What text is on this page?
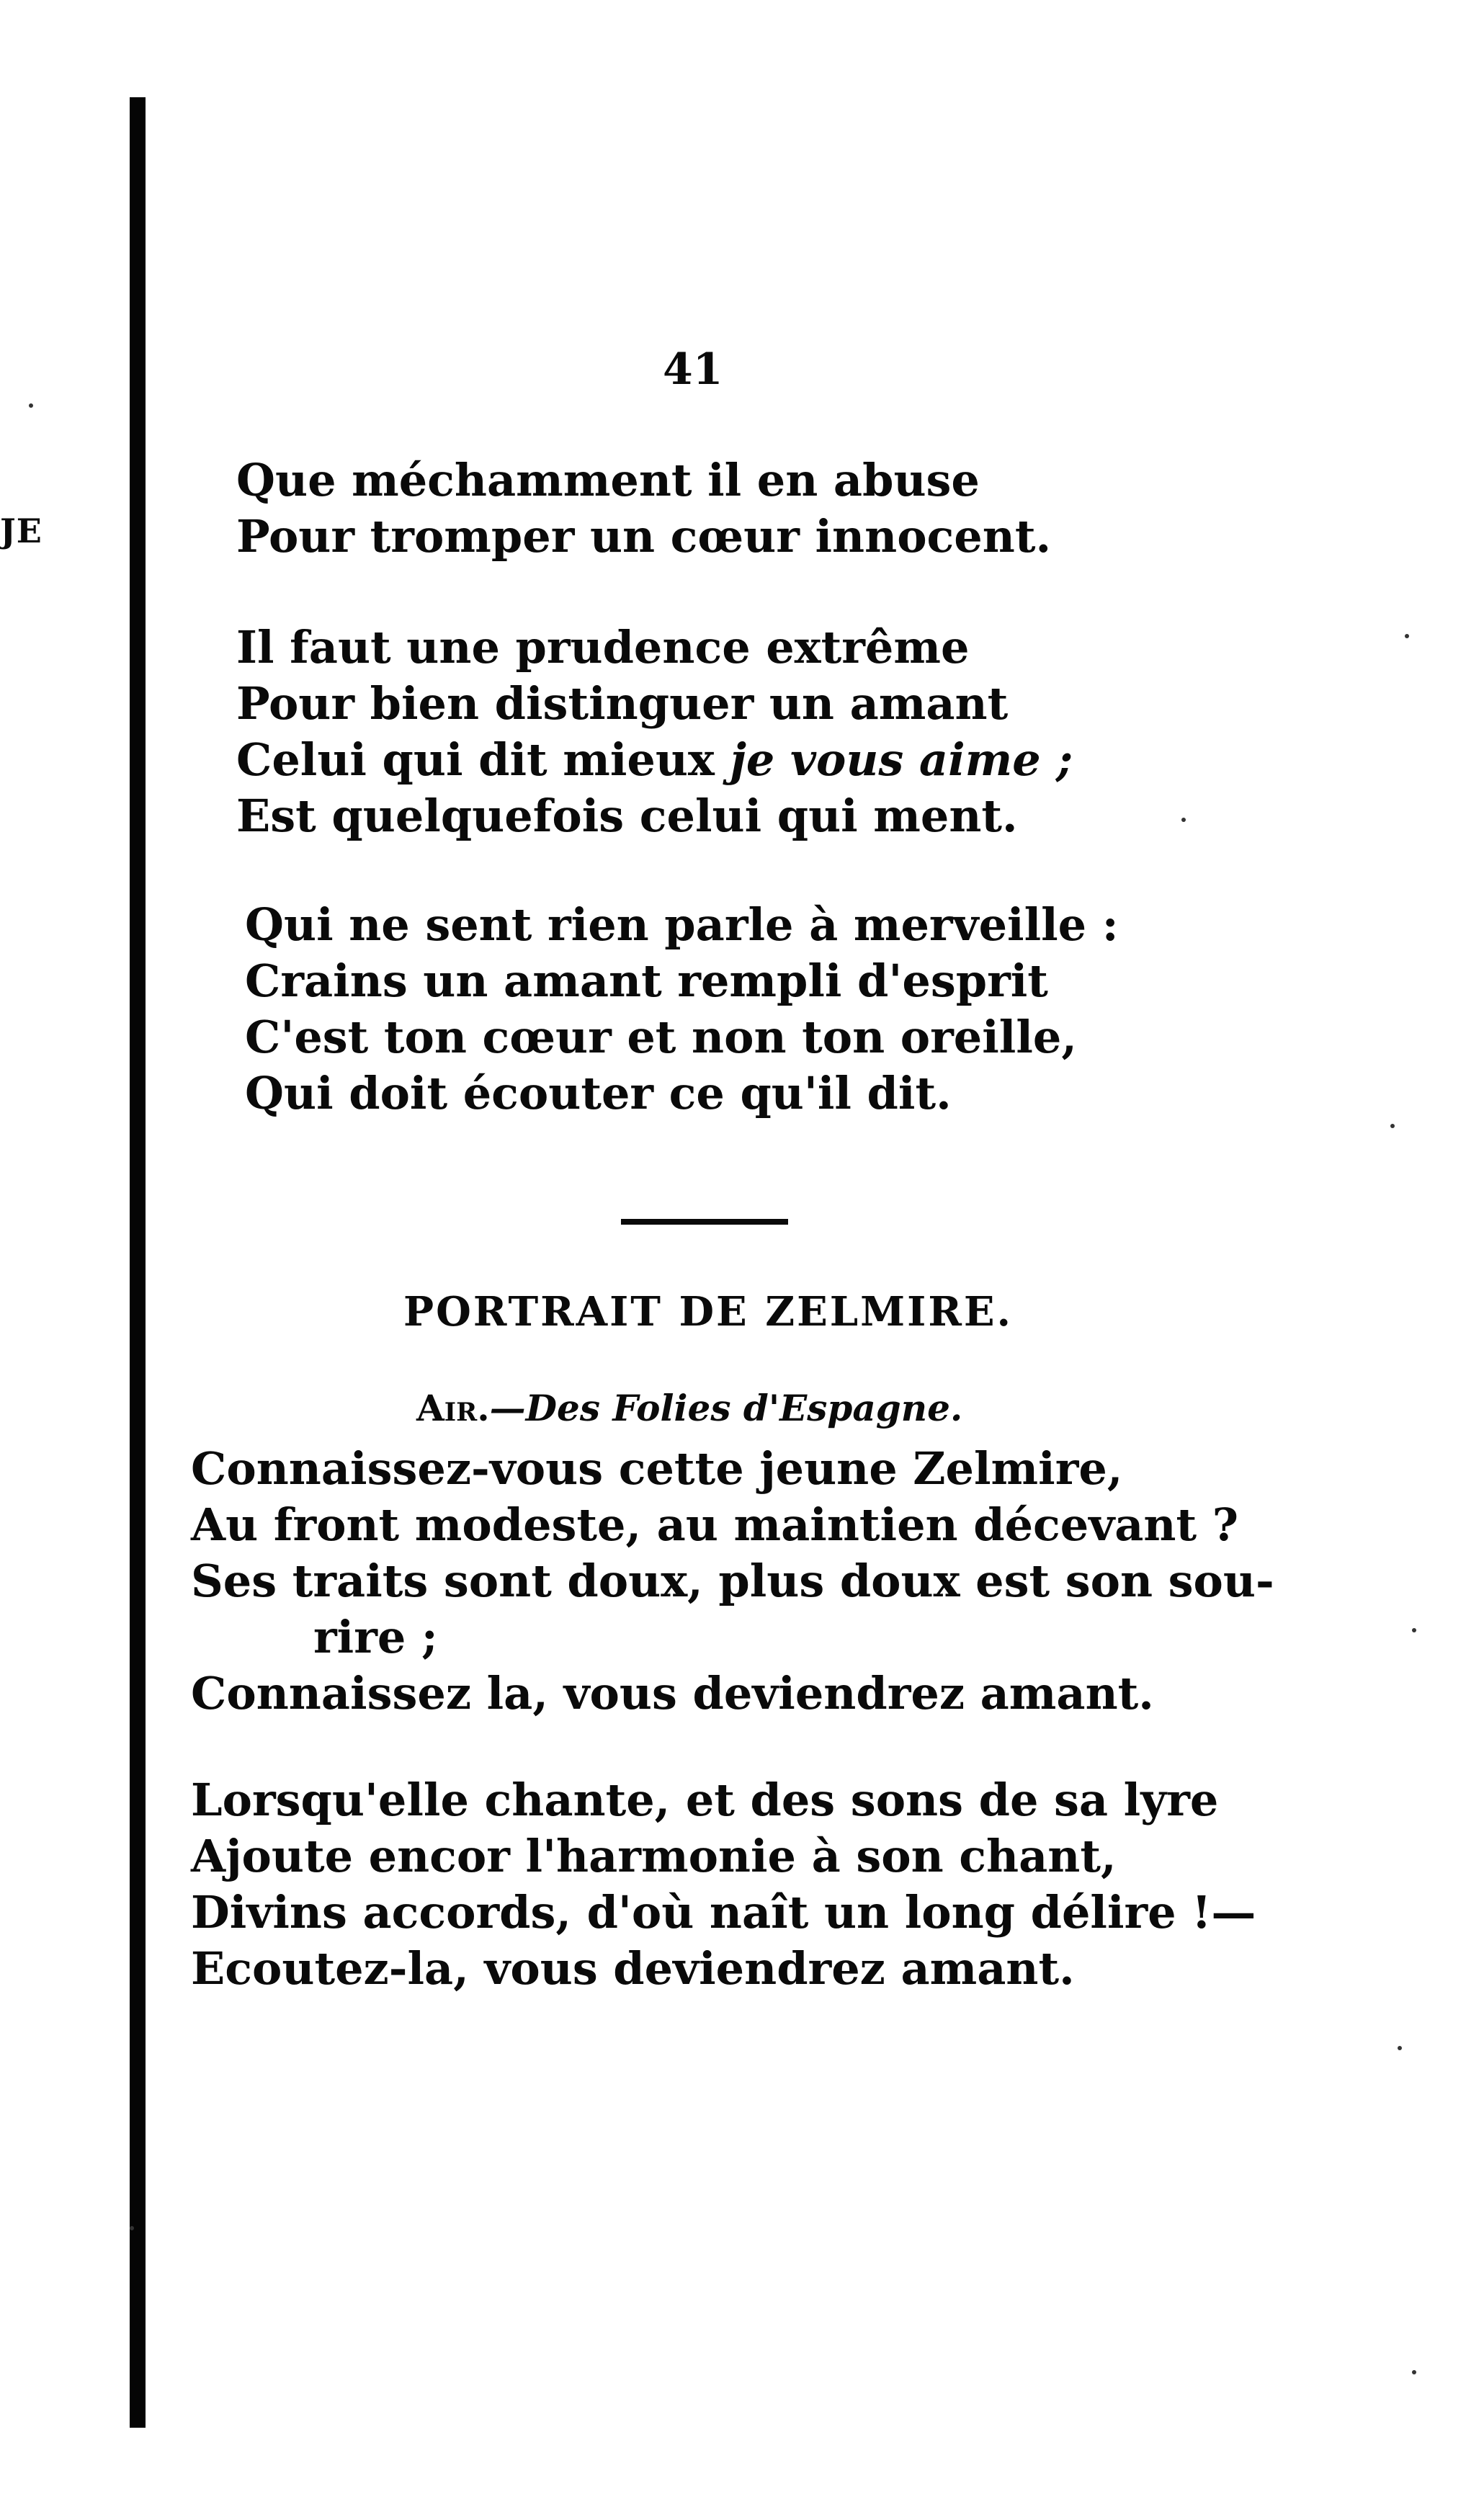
JE
41
Que méchamment il en abuse
Pour tromper un cœur innocent.
Il faut une prudence extrême
Pour bien distinguer un amant
Celui qui dit mieux je vous aime ;
Est quelquefois celui qui ment.
Qui ne sent rien parle à merveille :
Crains un amant rempli d'esprit
C'est ton cœur et non ton oreille,
Qui doit écouter ce qu'il dit.
PORTRAIT DE ZELMIRE.
Air.—Des Folies d'Espagne.
Connaissez-vous cette jeune Zelmire,
Au front modeste, au maintien décevant ?
Ses traits sont doux, plus doux est son sou-
rire ;
Connaissez la, vous deviendrez amant.
Lorsqu'elle chante, et des sons de sa lyre
Ajoute encor l'harmonie à son chant,
Divins accords, d'où naît un long délire !—
Ecoutez-la, vous deviendrez amant.
